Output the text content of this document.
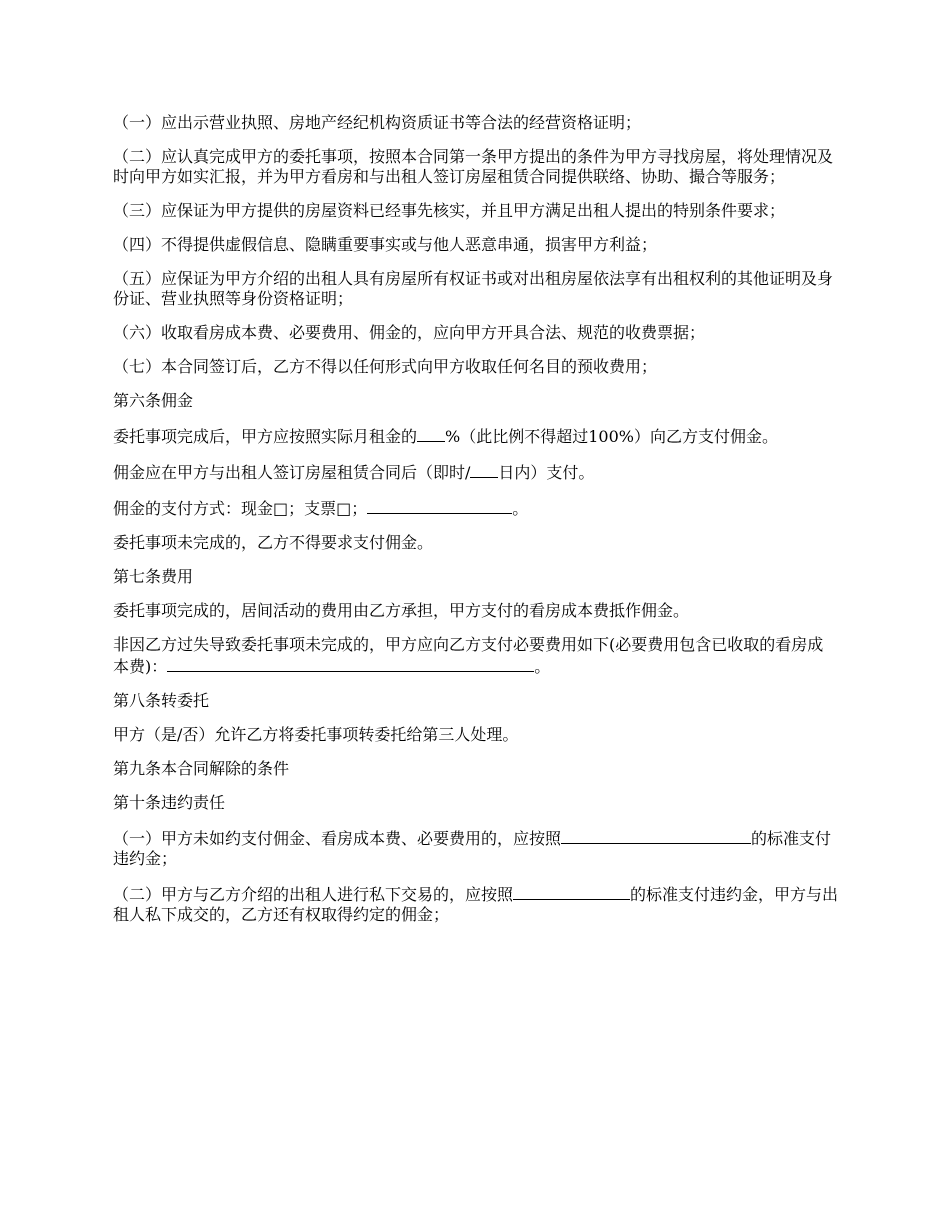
（一）应出示营业执照、房地产经纪机构资质证书等合法的经营资格证明；

（二）应认真完成甲方的委托事项，按照本合同第一条甲方提出的条件为甲方寻找房屋，将处理情况及时向甲方如实汇报，并为甲方看房和与出租人签订房屋租赁合同提供联络、协助、撮合等服务；

（三）应保证为甲方提供的房屋资料已经事先核实，并且甲方满足出租人提出的特别条件要求；

（四）不得提供虚假信息、隐瞒重要事实或与他人恶意串通，损害甲方利益；

（五）应保证为甲方介绍的出租人具有房屋所有权证书或对出租房屋依法享有出租权利的其他证明及身份证、营业执照等身份资格证明；

（六）收取看房成本费、必要费用、佣金的，应向甲方开具合法、规范的收费票据；

（七）本合同签订后，乙方不得以任何形式向甲方收取任何名目的预收费用；

第六条佣金

委托事项完成后，甲方应按照实际月租金的 %（此比例不得超过100%）向乙方支付佣金。

佣金应在甲方与出租人签订房屋租赁合同后（即时/ 日内）支付。

佣金的支付方式：现金□；支票□；	。

委托事项未完成的，乙方不得要求支付佣金。

第七条费用

委托事项完成的，居间活动的费用由乙方承担，甲方支付的看房成本费抵作佣金。

非因乙方过失导致委托事项未完成的，甲方应向乙方支付必要费用如下(必要费用包含已收取的看房成本费)：	。

第八条转委托

甲方（是/否）允许乙方将委托事项转委托给第三人处理。

第九条本合同解除的条件

第十条违约责任

（一）甲方未如约支付佣金、看房成本费、必要费用的，应按照	的标准支付违约金；

（二）甲方与乙方介绍的出租人进行私下交易的，应按照	的标准支付违约金，甲方与出租人私下成交的，乙方还有权取得约定的佣金；
